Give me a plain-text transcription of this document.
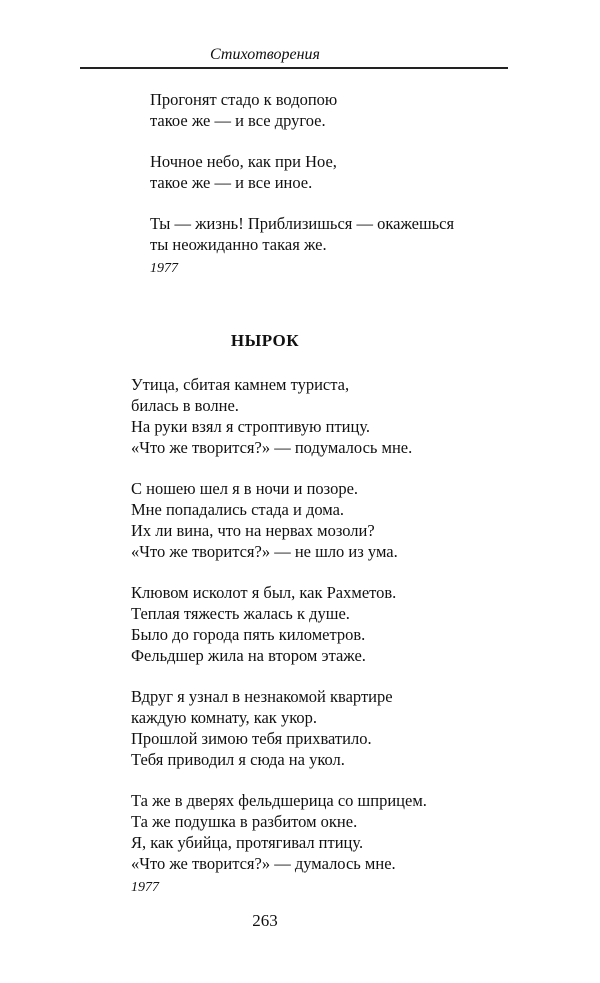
Стихотворения
Прогонят стадо к водопою
такое же — и все другое.
Ночное небо, как при Ное,
такое же — и все иное.
Ты — жизнь! Приблизишься — окажешься
ты неожиданно такая же.
1977
НЫРОК
Утица, сбитая камнем туриста,
билась в волне.
На руки взял я строптивую птицу.
«Что же творится?» — подумалось мне.
С ношею шел я в ночи и позоре.
Мне попадались стада и дома.
Их ли вина, что на нервах мозоли?
«Что же творится?» — не шло из ума.
Клювом исколот я был, как Рахметов.
Теплая тяжесть жалась к душе.
Было до города пять километров.
Фельдшер жила на втором этаже.
Вдруг я узнал в незнакомой квартире
каждую комнату, как укор.
Прошлой зимою тебя прихватило.
Тебя приводил я сюда на укол.
Та же в дверях фельдшерица со шприцем.
Та же подушка в разбитом окне.
Я, как убийца, протягивал птицу.
«Что же творится?» — думалось мне.
1977
263
